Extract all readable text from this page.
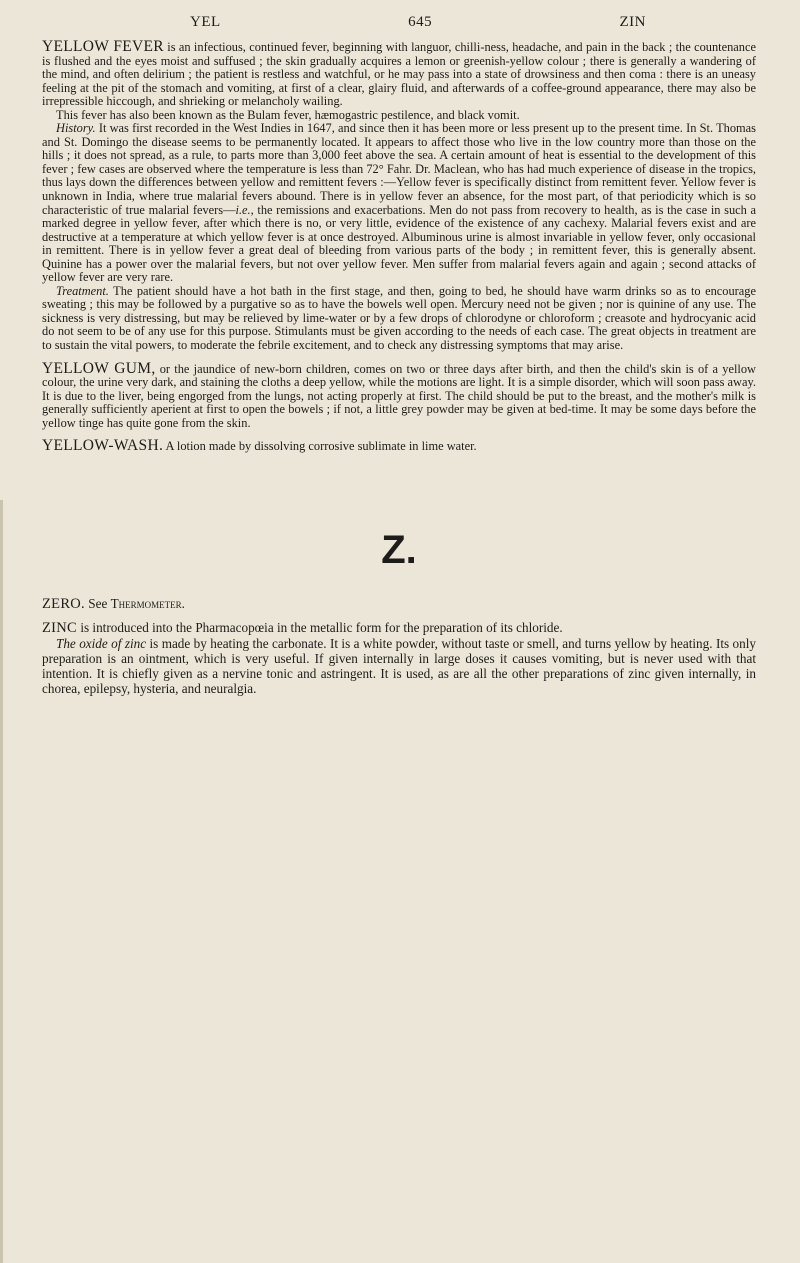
YEL	645	ZIN

YELLOW FEVER is an infectious, continued fever, beginning with languor, chilli-ness, headache, and pain in the back ; the countenance is flushed and the eyes moist and suffused ; the skin gradually acquires a lemon or greenish-yellow colour ; there is generally a wandering of the mind, and often delirium ; the patient is restless and watchful, or he may pass into a state of drowsiness and then coma : there is an uneasy feeling at the pit of the stomach and vomiting, at first of a clear, glairy fluid, and afterwards of a coffee-ground appearance, there may also be irrepressible hiccough, and shrieking or melancholy wailing.

This fever has also been known as the Bulam fever, hæmogastric pestilence, and black vomit.

History. It was first recorded in the West Indies in 1647, and since then it has been more or less present up to the present time. In St. Thomas and St. Domingo the disease seems to be permanently located. It appears to affect those who live in the low country more than those on the hills ; it does not spread, as a rule, to parts more than 3,000 feet above the sea. A certain amount of heat is essential to the development of this fever ; few cases are observed where the temperature is less than 72° Fahr. Dr. Maclean, who has had much experience of disease in the tropics, thus lays down the differences between yellow and remittent fevers :—Yellow fever is specifically distinct from remittent fever. Yellow fever is unknown in India, where true malarial fevers abound. There is in yellow fever an absence, for the most part, of that periodicity which is so characteristic of true malarial fevers—i.e., the remissions and exacerbations. Men do not pass from recovery to health, as is the case in such a marked degree in yellow fever, after which there is no, or very little, evidence of the existence of any cachexy. Malarial fevers exist and are destructive at a temperature at which yellow fever is at once destroyed. Albuminous urine is almost invariable in yellow fever, only occasional in remittent. There is in yellow fever a great deal of bleeding from various parts of the body ; in remittent fever, this is generally absent. Quinine has a power over the malarial fevers, but not over yellow fever. Men suffer from malarial fevers again and again ; second attacks of yellow fever are very rare.

Treatment. The patient should have a hot bath in the first stage, and then, going to bed, he should have warm drinks so as to encourage sweating ; this may be followed by a purgative so as to have the bowels well open. Mercury need not be given ; nor is quinine of any use. The sickness is very distressing, but may be relieved by lime-water or by a few drops of chlorodyne or chloroform ; creasote and hydrocyanic acid do not seem to be of any use for this purpose. Stimulants must be given according to the needs of each case. The great objects in treatment are to sustain the vital powers, to moderate the febrile excitement, and to check any distressing symptoms that may arise.

YELLOW GUM, or the jaundice of new-born children, comes on two or three days after birth, and then the child's skin is of a yellow colour, the urine very dark, and staining the cloths a deep yellow, while the motions are light. It is a simple disorder, which will soon pass away. It is due to the liver, being engorged from the lungs, not acting properly at first. The child should be put to the breast, and the mother's milk is generally sufficiently aperient at first to open the bowels ; if not, a little grey powder may be given at bed-time. It may be some days before the yellow tinge has quite gone from the skin.

YELLOW-WASH. A lotion made by dissolving corrosive sublimate in lime water.

Z.

ZERO. See Thermometer.

ZINC is introduced into the Pharmacopœia in the metallic form for the preparation of its chloride.

The oxide of zinc is made by heating the carbonate. It is a white powder, without taste or smell, and turns yellow by heating. Its only preparation is an ointment, which is very useful. If given internally in large doses it causes vomiting, but is never used with that intention. It is chiefly given as a nervine tonic and astringent. It is used, as are all the other preparations of zinc given internally, in chorea, epilepsy, hysteria, and neuralgia.
